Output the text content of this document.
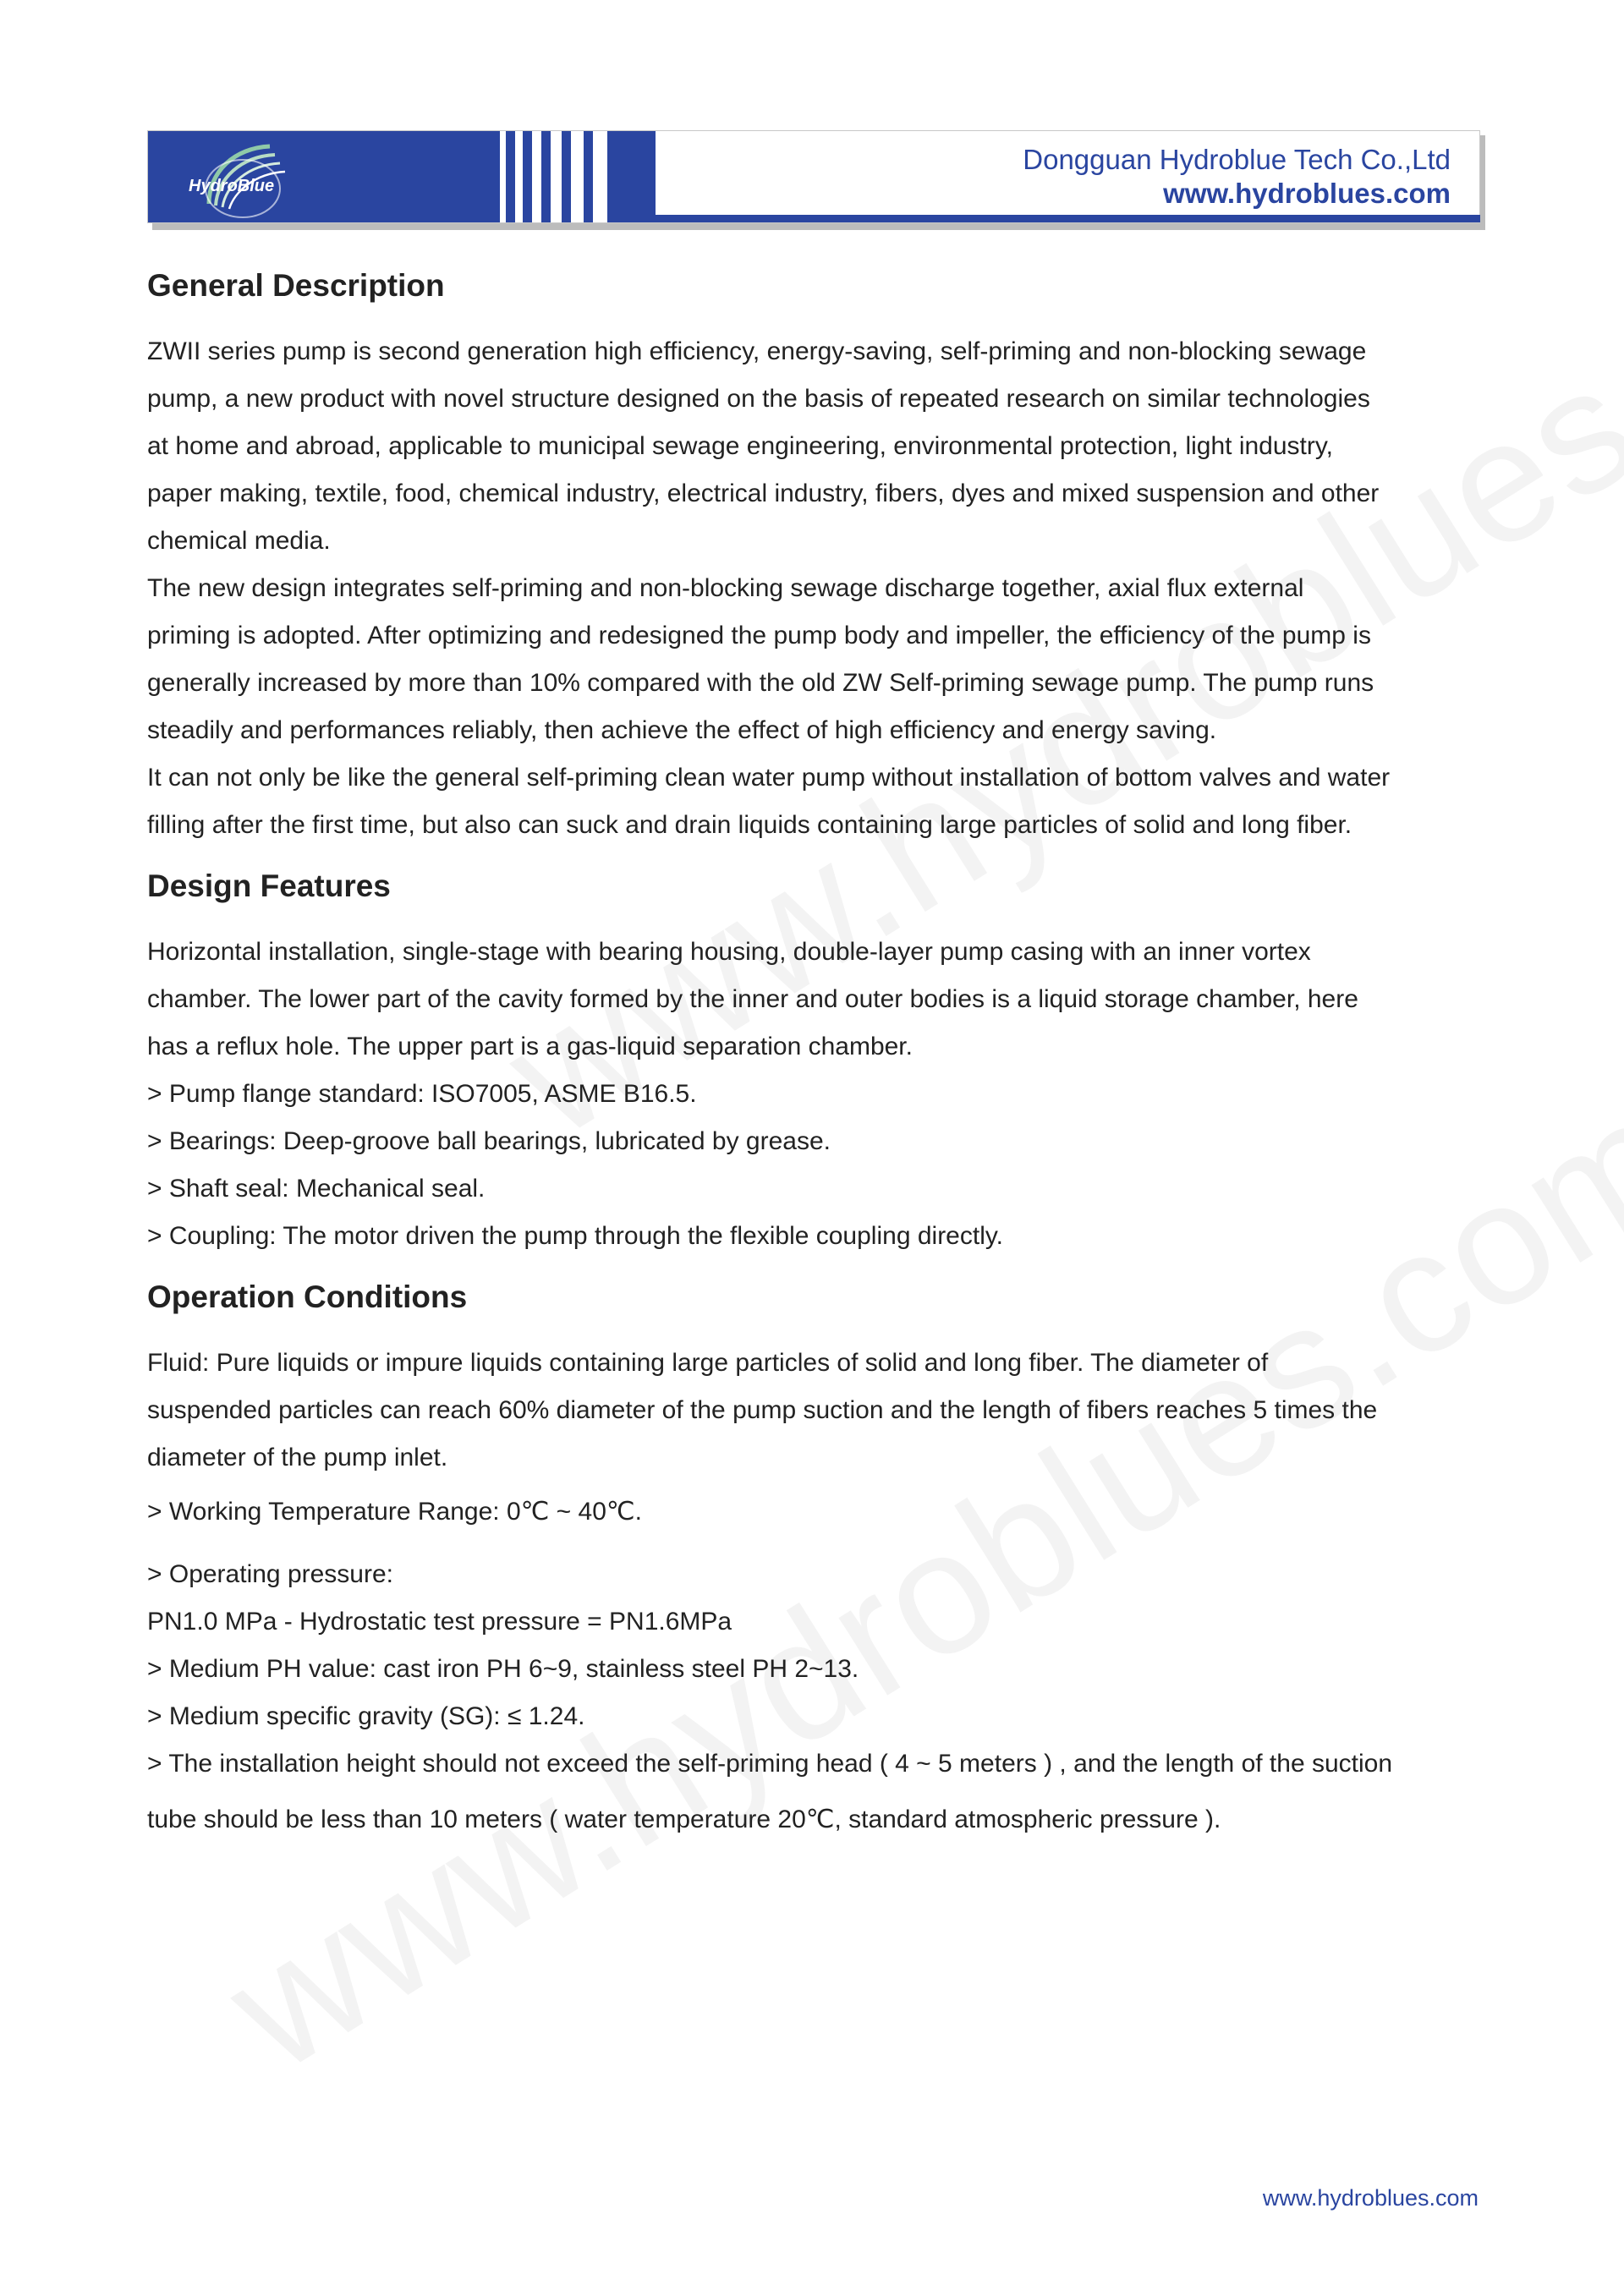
HydroBlue
Dongguan Hydroblue Tech Co.,Ltd
www.hydroblues.com
General Description
ZWII series pump is second generation high efficiency, energy-saving, self-priming and non-blocking sewage
pump, a new product with novel structure designed on the basis of repeated research on similar technologies
at home and abroad, applicable to municipal sewage engineering, environmental protection, light industry,
paper making, textile, food, chemical industry, electrical industry, fibers, dyes and mixed suspension and other
chemical media.
The new design integrates self-priming and non-blocking sewage discharge together, axial flux external
priming is adopted. After optimizing and redesigned the pump body and impeller, the efficiency of the pump is
generally increased by more than 10% compared with the old ZW Self-priming sewage pump. The pump runs
steadily and performances reliably, then achieve the effect of high efficiency and energy saving.
It can not only be like the general self-priming clean water pump without installation of bottom valves and water
filling after the first time, but also can suck and drain liquids containing large particles of solid and long fiber.
Design Features
Horizontal installation, single-stage with bearing housing, double-layer pump casing with an inner vortex
chamber. The lower part of the cavity formed by the inner and outer bodies is a liquid storage chamber, here
has a reflux hole. The upper part is a gas-liquid separation chamber.
> Pump flange standard: ISO7005, ASME B16.5.
> Bearings: Deep-groove ball bearings, lubricated by grease.
> Shaft seal: Mechanical seal.
> Coupling: The motor driven the pump through the flexible coupling directly.
Operation Conditions
Fluid: Pure liquids or impure liquids containing large particles of solid and long fiber. The diameter of
suspended particles can reach 60% diameter of the pump suction and the length of fibers reaches 5 times the
diameter of the pump inlet.
> Working Temperature Range: 0℃ ~ 40℃.
> Operating pressure:
PN1.0 MPa - Hydrostatic test pressure = PN1.6MPa
> Medium PH value: cast iron PH 6~9, stainless steel PH 2~13.
> Medium specific gravity (SG): ≤ 1.24.
> The installation height should not exceed the self-priming head ( 4 ~ 5 meters ) , and the length of the suction
tube should be less than 10 meters ( water temperature 20℃, standard atmospheric pressure ).
www.hydroblues.com
